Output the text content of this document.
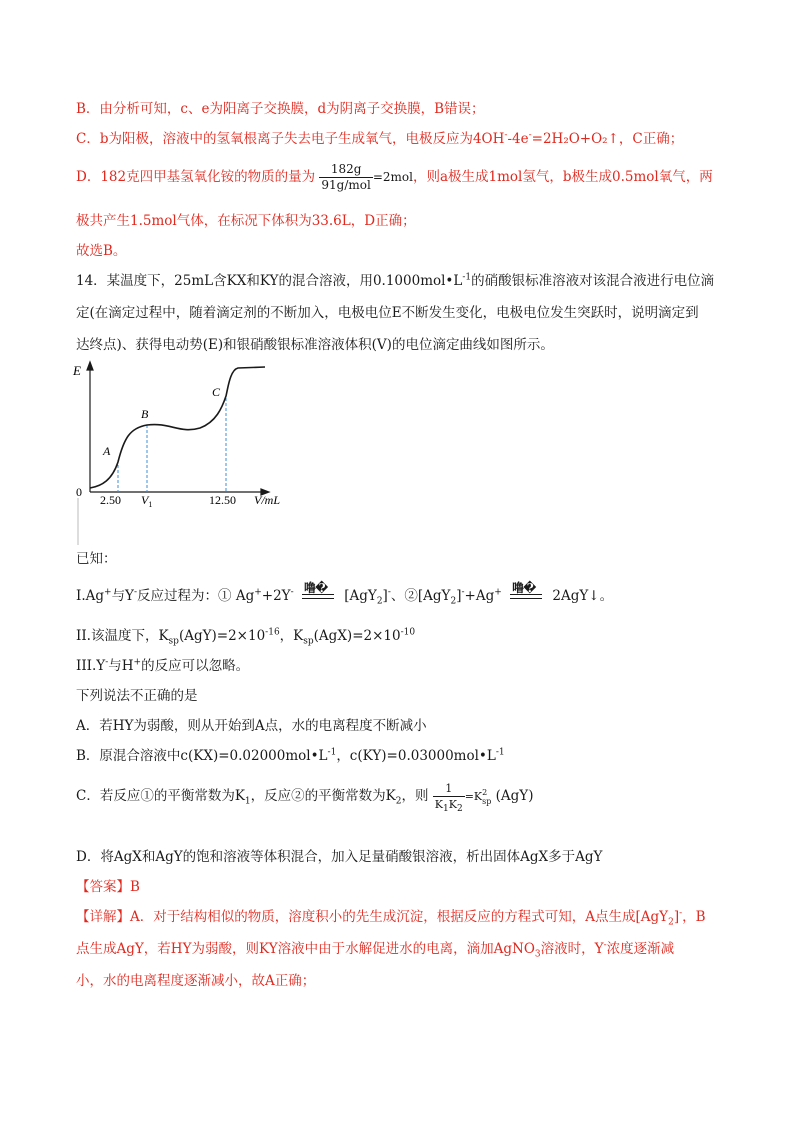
B．由分析可知，c、e为阳离子交换膜，d为阴离子交换膜，B错误；
C．b为阳极，溶液中的氢氧根离子失去电子生成氧气，电极反应为4OH--4e-=2H₂O+O₂↑，C正确；
D．182克四甲基氢氧化铵的物质的量为 $\frac{182g}{\text{91g/mol}} =2mol$，则a极生成1mol氢气，b极生成0.5mol氧气，两
极共产生1.5mol气体，在标况下体积为33.6L，D正确；
故选B。
14．某温度下，25mL含KX和KY的混合溶液，用$0.1000mol•L^{-1}$的硝酸银标准溶液对该混合液进行电位滴
定(在滴定过程中，随着滴定剂的不断加入，电极电位E不断发生变化，电极电位发生突跃时，说明滴定到
达终点)、获得电动势(E)和银硝酸银标准溶液体积(V)的电位滴定曲线如图所示。
E
0
A
B
C
2.50 $V_1$	12.50 V/mL
已知：
I.Ag+与Y-反应过程为：① Ag++2Y- 噜�
[AgY$_2$]-、②[AgY$_2$]-+Ag+ 噜�
2AgY↓。
II.该温度下，$K_{sp}(AgY)=2\times 10^{-16}$，$K_{sp}(AgX)=2\times 10^{-10}$
III.Y-与H+的反应可以忽略。
下列说法不正确的是
A．若HY为弱酸，则从开始到A点，水的电离程度不断减小
B．原混合溶液中$c(KX)=0.02000mol•L^{-1}$，$c(KY)=0.03000mol•L^{-1}$
C．若反应①的平衡常数为$K_1$，反应②的平衡常数为$K_2$，则 $\frac{1}{K_1K_2} =K$ 2
sp (AgY)
D．将AgX和AgY的饱和溶液等体积混合，加入足量硝酸银溶液，析出固体AgX多于AgY
【答案】B
【详解】A．对于结构相似的物质，溶度积小的先生成沉淀，根据反应的方程式可知，A点生成[AgY$_2$]-，B
点生成AgY，若HY为弱酸，则KY溶液中由于水解促进水的电离，滴加AgNO$_3$溶液时，Y-浓度逐渐减
小，水的电离程度逐渐减小，故A正确；
